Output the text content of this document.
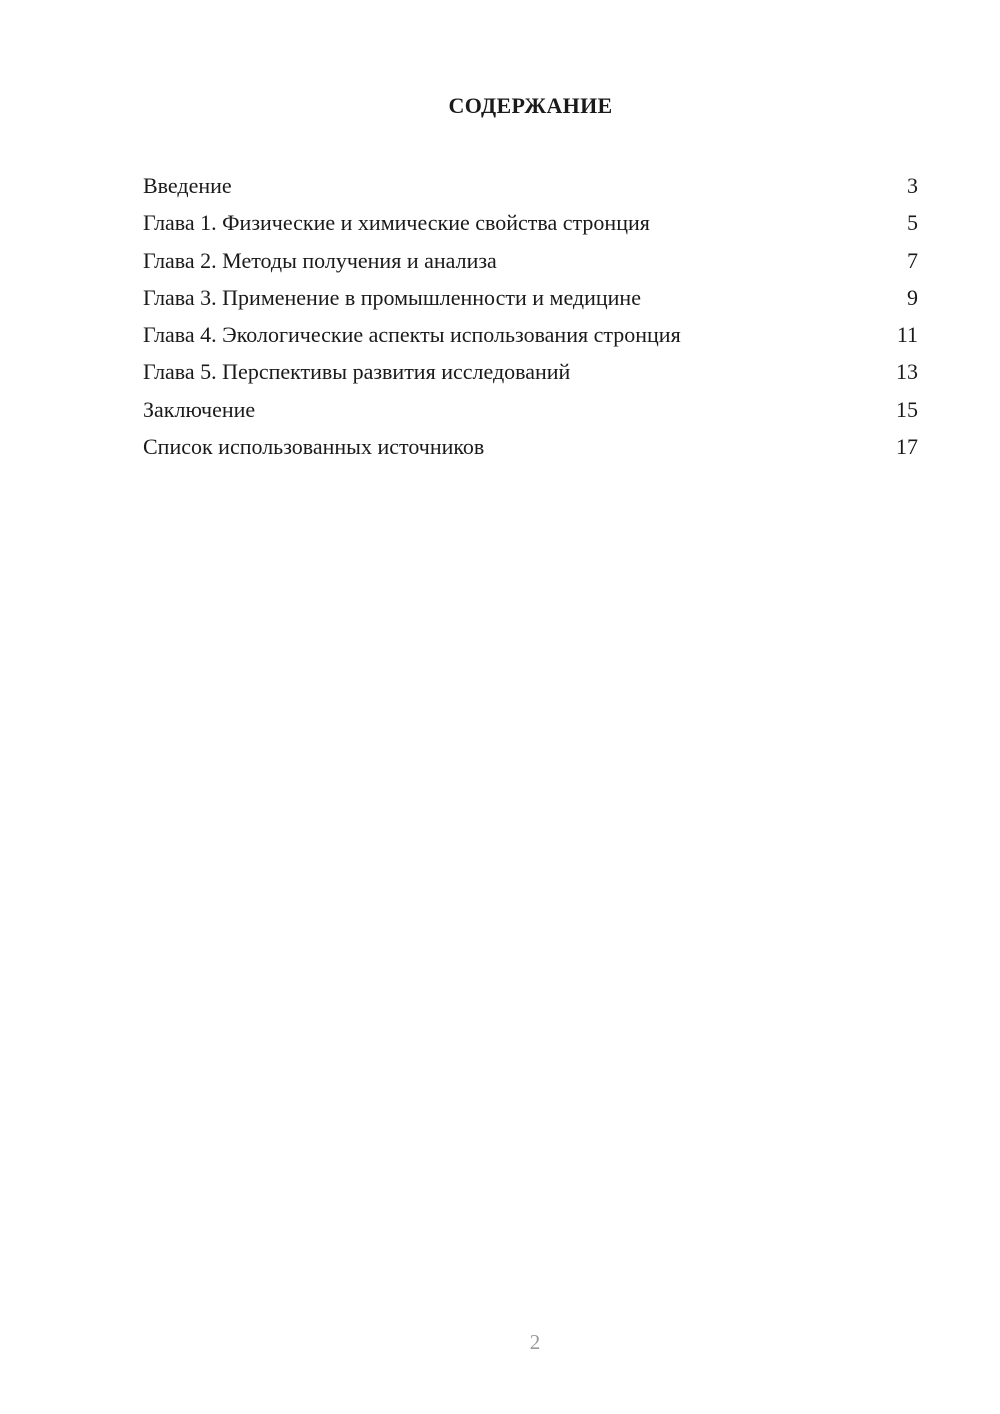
СОДЕРЖАНИЕ
Введение	3
Глава 1. Физические и химические свойства стронция	5
Глава 2. Методы получения и анализа	7
Глава 3. Применение в промышленности и медицине	9
Глава 4. Экологические аспекты использования стронция	11
Глава 5. Перспективы развития исследований	13
Заключение	15
Список использованных источников	17
2
